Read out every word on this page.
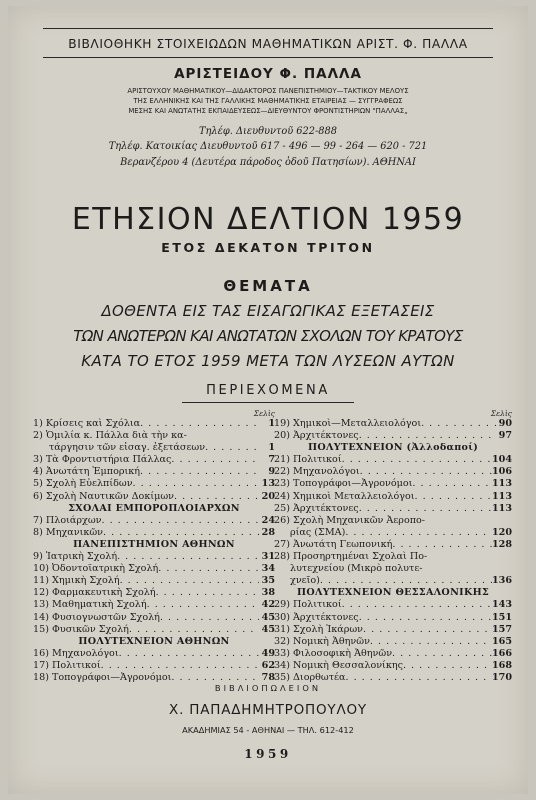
ΒΙΒΛΙΟΘΗΚΗ ΣΤΟΙΧΕΙΩΔΩΝ ΜΑΘΗΜΑΤΙΚΩΝ ΑΡΙΣΤ. Φ. ΠΑΛΛΑ
ΑΡΙΣΤΕΙΔΟΥ Φ. ΠΑΛΛΑ
ΑΡΙΣΤΟΥΧΟΥ ΜΑΘΗΜΑΤΙΚΟΥ—ΔΙΔΑΚΤΟΡΟΣ ΠΑΝΕΠΙΣΤΗΜΙΟΥ—ΤΑΚΤΙΚΟΥ ΜΕΛΟΥΣ
ΤΗΣ ΕΛΛΗΝΙΚΗΣ ΚΑΙ ΤΗΣ ΓΑΛΛΙΚΗΣ ΜΑΘΗΜΑΤΙΚΗΣ ΕΤΑΙΡΕΙΑΣ — ΣΥΓΓΡΑΦΕΩΣ
ΜΕΣΗΣ ΚΑΙ ΑΝΩΤΑΤΗΣ ΕΚΠΑΙΔΕΥΣΕΩΣ—ΔΙΕΥΘΥΝΤΟΥ ΦΡΟΝΤΙΣΤΗΡΙΩΝ "ΠΑΛΛΑΣ„
Τηλέφ. Διευθυντοῦ 622-888
Τηλέφ. Κατοικίας Διευθυντοῦ 617 - 496 — 99 - 264 — 620 - 721
Βερανζέρου 4 (Δευτέρα πάροδος ὁδοῦ Πατησίων). ΑΘΗΝΑΙ
ΕΤΗΣΙΟΝ ΔΕΛΤΙΟΝ 1959
ΕΤΟΣ ΔΕΚΑΤΟΝ ΤΡΙΤΟΝ
ΘΕΜΑΤΑ
ΔΟΘΕΝΤΑ ΕΙΣ ΤΑΣ ΕΙΣΑΓΩΓΙΚΑΣ ΕΞΕΤΑΣΕΙΣ
ΤΩΝ ΑΝΩΤΕΡΩΝ ΚΑΙ ΑΝΩΤΑΤΩΝ ΣΧΟΛΩΝ ΤΟΥ ΚΡΑΤΟΥΣ
ΚΑΤΑ ΤΟ ΕΤΟΣ 1959 ΜΕΤΑ ΤΩΝ ΛΥΣΕΩΝ ΑΥΤΩΝ
ΠΕΡΙΕΧΟΜΕΝΑ
Σελὶς
1) Κρίσεις καὶ Σχόλια . . .	1
2) Ὁμιλία κ. Πάλλα διὰ τὴν κα-
τάργησιν τῶν εἰσαγ. ἐξετάσεων . . .	1
3) Τὰ Φροντιστήρια Πάλλας . . .	7
4) Ἀνωτάτη Ἐμπορική . . .	9
5) Σχολὴ Εὐελπίδων . . .	13
6) Σχολὴ Ναυτικῶν Δοκίμων . . .	20
ΣΧΟΛΑΙ ΕΜΠΟΡΟΠΛΟΙΑΡΧΩΝ
7) Πλοιάρχων . . .	24
8) Μηχανικῶν . . .	28
ΠΑΝΕΠΙΣΤΗΜΙΟΝ ΑΘΗΝΩΝ
9) Ἰατρικὴ Σχολή . . .	31
10) Ὀδοντοϊατρικὴ Σχολή . . .	34
11) Χημικὴ Σχολή . . .	35
12) Φαρμακευτικὴ Σχολή . . .	38
13) Μαθηματικὴ Σχολή . . .	42
14) Φυσιογνωστῶν Σχολή . . .	45
15) Φυσικῶν Σχολή . . .	45
ΠΟΛΥΤΕΧΝΕΙΟΝ ΑΘΗΝΩΝ
16) Μηχανολόγοι . . .	49
17) Πολιτικοί . . .	62
18) Τοπογράφοι—Ἀγρονόμοι . . .	78
Σελὶς
19) Χημικοὶ—Μεταλλειολόγοι . . .	90
20) Ἀρχιτέκτονες . . .	97
ΠΟΛΥΤΕΧΝΕΙΟΝ (Ἀλλοδαποί)
21) Πολιτικοί . . .	104
22) Μηχανολόγοι . . .	106
23) Τοπογράφοι—Ἀγρονόμοι . . .	113
24) Χημικοὶ Μεταλλειολόγοι . . .	113
25) Ἀρχιτέκτονες . . .	113
26) Σχολὴ Μηχανικῶν Ἀεροπο-
ρίας (ΣΜΑ) . . .	120
27) Ἀνωτάτη Γεωπονική . . .	128
28) Προσηρτημέναι Σχολαὶ Πο-
λυτεχνείου (Μικρὸ πολυτε-
χνεῖο) . . .	136
ΠΟΛΥΤΕΧΝΕΙΟΝ ΘΕΣΣΑΛΟΝΙΚΗΣ
29) Πολιτικοί . . .	143
30) Ἀρχιτέκτονες . . .	151
31) Σχολὴ Ἰκάρων . . .	157
32) Νομικὴ Ἀθηνῶν . . .	165
33) Φιλοσοφικὴ Ἀθηνῶν . . .	166
34) Νομικὴ Θεσσαλονίκης . . .	168
35) Διορθωτέα . . .	170
ΒΙΒΛΙΟΠΩΛΕΙΟΝ
Χ. ΠΑΠΑΔΗΜΗΤΡΟΠΟΥΛΟΥ
ΑΚΑΔΗΜΙΑΣ 54 - ΑΘΗΝΑΙ — ΤΗΛ. 612-412
1959
